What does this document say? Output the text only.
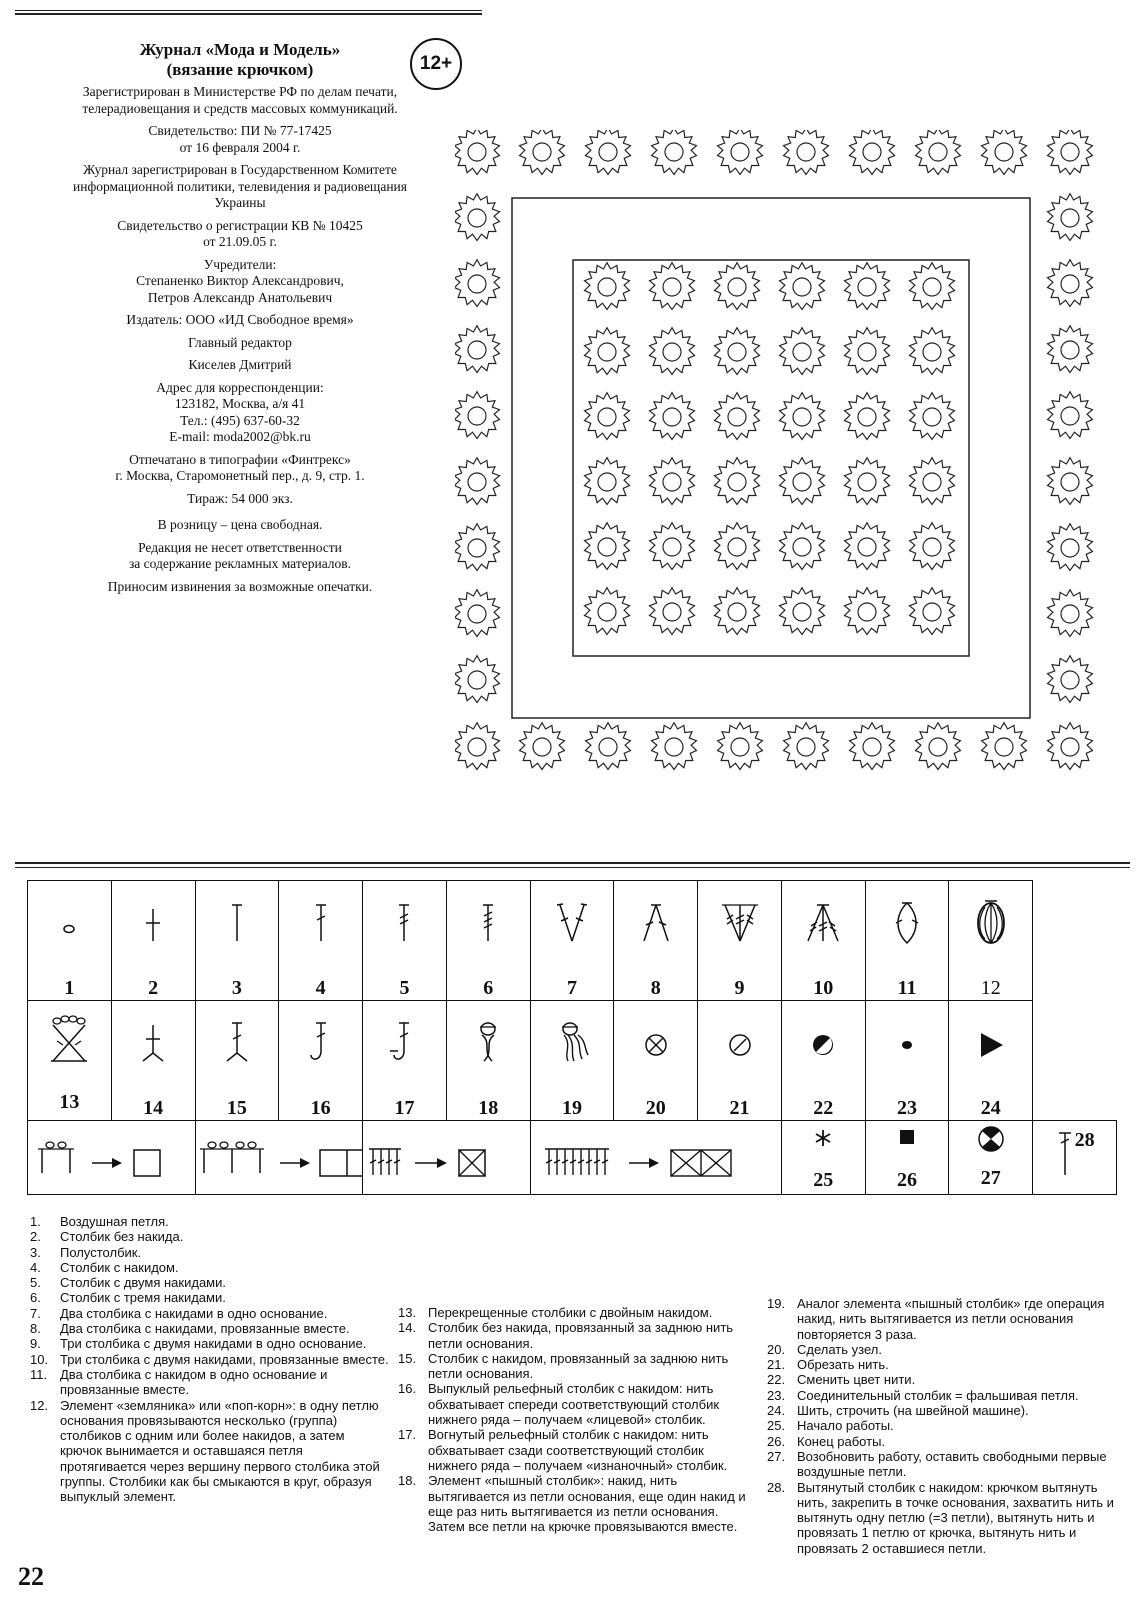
12+

Журнал «Мода и Модель»
(вязание крючком)

Зарегистрирован в Министерстве РФ по делам печати, телерадиовещания и средств массовых коммуникаций.

Свидетельство: ПИ № 77-17425
от 16 февраля 2004 г.

Журнал зарегистрирован в Государственном Комитете информационной политики, телевидения и радиовещания Украины

Свидетельство о регистрации КВ № 10425
от 21.09.05 г.

Учредители:
Степаненко Виктор Александрович,
Петров Александр Анатольевич

Издатель: ООО «ИД Свободное время»

Главный редактор

Киселев Дмитрий

Адрес для корреспонденции:
123182, Москва, а/я 41
Тел.: (495) 637-60-32
E-mail: moda2002@bk.ru

Отпечатано в типографии «Финтрекс»
г. Москва, Старомонетный пер., д. 9, стр. 1.

Тираж: 54 000 экз.

В розницу – цена свободная.

Редакция не несет ответственности
за содержание рекламных материалов.

Приносим извинения за возможные опечатки.

1	2	3	4	5	6	7	8	9	10	11	12	

13	14	15	16	17	18	19	20	21	22	23	24	

25	26	27	28
1.	Воздушная петля.
2.	Столбик без накида.
3.	Полустолбик.
4.	Столбик с накидом.
5.	Столбик с двумя накидами.
6.	Столбик с тремя накидами.
7.	Два столбика с накидами в одно основание.
8.	Два столбика с накидами, провязанные вместе.
9.	Три столбика с двумя накидами в одно основание.
10. Три столбика с двумя накидами, провязанные вместе.
11. Два столбика с накидом в одно основание и провязанные вместе.
12. Элемент «земляника» или «поп-корн»: в одну петлю основания провязываются несколько (группа) столбиков с одним или более накидов, а затем крючок вынимается и оставшаяся петля протягивается через вершину первого столбика этой группы. Столбики как бы смыкаются в круг, образуя выпуклый элемент.
13. Перекрещенные столбики с двойным накидом.
14. Столбик без накида, провязанный за заднюю нить петли основания.
15. Столбик с накидом, провязанный за заднюю нить петли основания.
16. Выпуклый рельефный столбик с накидом: нить обхватывает спереди соответствующий столбик нижнего ряда – получаем «лицевой» столбик.
17. Вогнутый рельефный столбик с накидом: нить обхватывает сзади соответствующий столбик нижнего ряда – получаем «изнаночный» столбик.
18. Элемент «пышный столбик»: накид, нить вытягивается из петли основания, еще один накид и еще раз нить вытягивается из петли основания. Затем все петли на крючке провязываются вместе.
19. Аналог элемента «пышный столбик» где операция накид, нить вытягивается из петли основания повторяется 3 раза.
20. Сделать узел.
21. Обрезать нить.
22. Сменить цвет нити.
23. Соединительный столбик = фальшивая петля.
24. Шить, строчить (на швейной машине).
25. Начало работы.
26. Конец работы.
27. Возобновить работу, оставить свободными первые воздушные петли.
28. Вытянутый столбик с накидом: крючком вытянуть нить, закрепить в точке основания, захватить нить и вытянуть одну петлю (=3 петли), вытянуть нить и провязать 1 петлю от крючка, вытянуть нить и провязать 2 оставшиеся петли.
22
